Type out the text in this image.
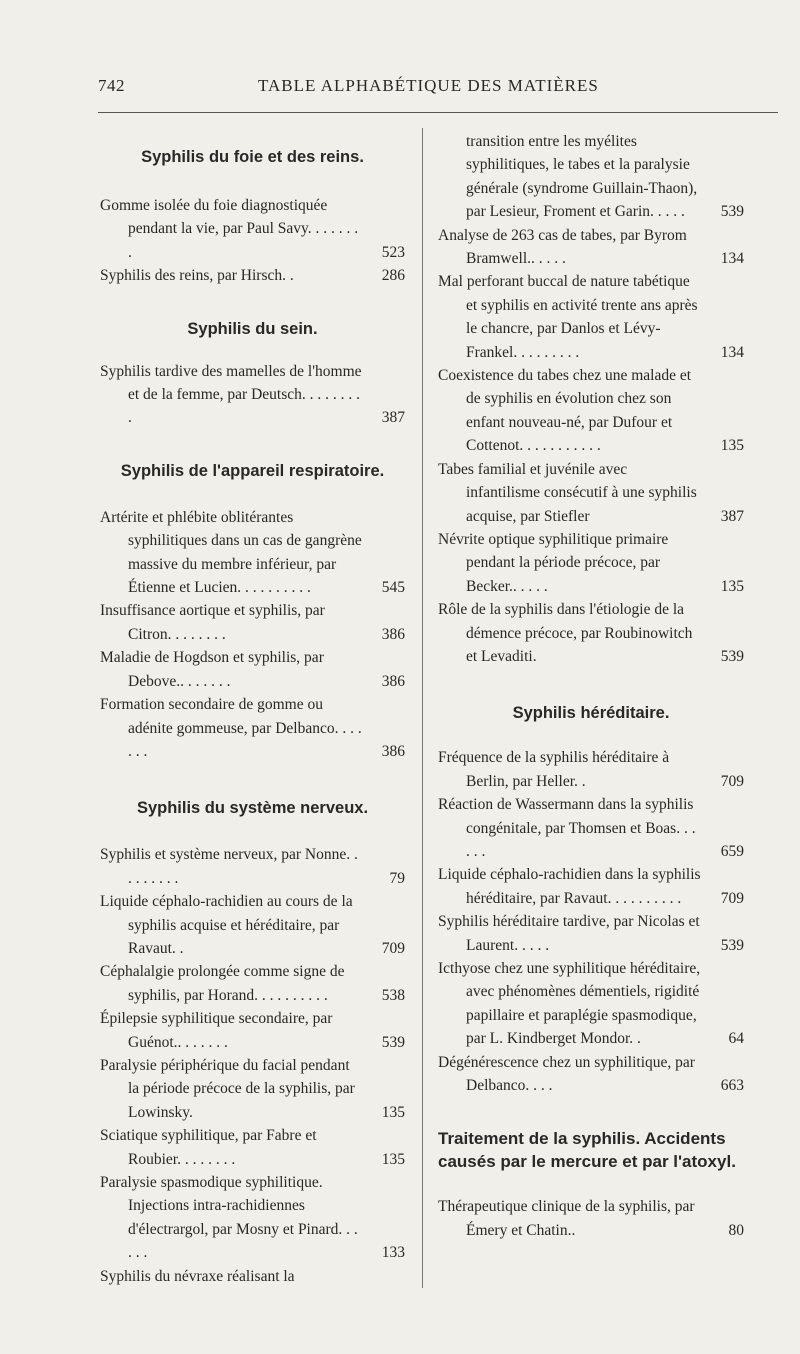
742	TABLE ALPHABÉTIQUE DES MATIÈRES
Syphilis du foie et des reins.
Gomme isolée du foie diagnostiquée pendant la vie, par Paul Savy. . . . . . . .	523
Syphilis des reins, par Hirsch. .	286
Syphilis du sein.
Syphilis tardive des mamelles de l'homme et de la femme, par Deutsch. . . . . . . . .	387
Syphilis de l'appareil respiratoire.
Artérite et phlébite oblitérantes syphilitiques dans un cas de gangrène massive du membre inférieur, par Étienne et Lucien. . . . . . . . . .	545
Insuffisance aortique et syphilis, par Citron. . . . . . . .	386
Maladie de Hogdson et syphilis, par Debove.. . . . . . .	386
Formation secondaire de gomme ou adénite gommeuse, par Delbanco. . . . . . .	386
Syphilis du système nerveux.
Syphilis et système nerveux, par Nonne. . . . . . . . .	79
Liquide céphalo-rachidien au cours de la syphilis acquise et héréditaire, par Ravaut. .	709
Céphalalgie prolongée comme signe de syphilis, par Horand. . . . . . . . . .	538
Épilepsie syphilitique secondaire, par Guénot.. . . . . . .	539
Paralysie périphérique du facial pendant la période précoce de la syphilis, par Lowinsky.	135
Sciatique syphilitique, par Fabre et Roubier. . . . . . . .	135
Paralysie spasmodique syphilitique. Injections intra-rachidiennes d'électrargol, par Mosny et Pinard. . . . . .	133
Syphilis du névraxe réalisant la
transition entre les myélites syphilitiques, le tabes et la paralysie générale (syndrome Guillain-Thaon), par Lesieur, Froment et Garin. . . . . 539
Analyse de 263 cas de tabes, par Byrom Bramwell.. . . . .	134
Mal perforant buccal de nature tabétique et syphilis en activité trente ans après le chancre, par Danlos et Lévy-Frankel. . . . . . . . .	134
Coexistence du tabes chez une malade et de syphilis en évolution chez son enfant nouveau-né, par Dufour et Cottenot. . . . . . . . . . .	135
Tabes familial et juvénile avec infantilisme consécutif à une syphilis acquise, par Stiefler	387
Névrite optique syphilitique primaire pendant la période précoce, par Becker.. . . . .	135
Rôle de la syphilis dans l'étiologie de la démence précoce, par Roubinowitch et Levaditi.	539
Syphilis héréditaire.
Fréquence de la syphilis héréditaire à Berlin, par Heller. .	709
Réaction de Wassermann dans la syphilis congénitale, par Thomsen et Boas. . . . . .	659
Liquide céphalo-rachidien dans la syphilis héréditaire, par Ravaut. . . . . . . . . .	709
Syphilis héréditaire tardive, par Nicolas et Laurent. . . . .	539
Icthyose chez une syphilitique héréditaire, avec phénomènes démentiels, rigidité papillaire et paraplégie spasmodique, par L. Kindberget Mondor. .	64
Dégénérescence chez un syphilitique, par Delbanco. . . .	663
Traitement de la syphilis. Accidents causés par le mercure et par l'atoxyl.
Thérapeutique clinique de la syphilis, par Émery et Chatin..	80
